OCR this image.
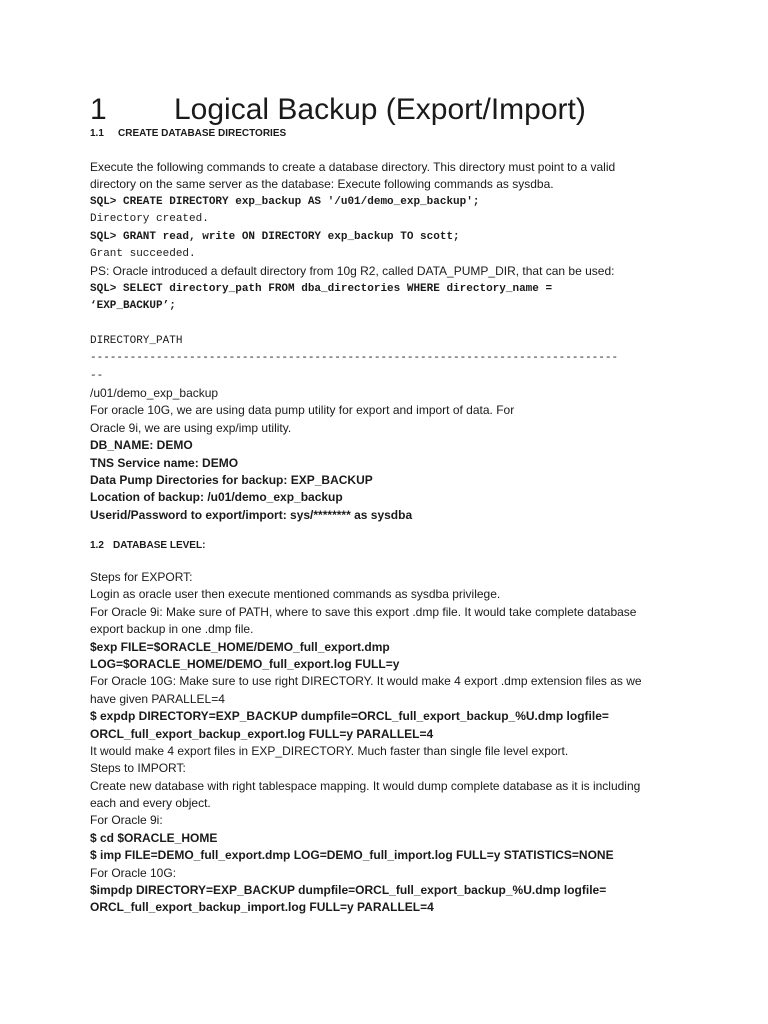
1 Logical Backup (Export/Import)
1.1 CREATE DATABASE DIRECTORIES
Execute the following commands to create a database directory. This directory must point to a valid
directory on the same server as the database: Execute following commands as sysdba.
SQL> CREATE DIRECTORY exp_backup AS '/u01/demo_exp_backup';
Directory created.
SQL> GRANT read, write ON DIRECTORY exp_backup TO scott;
Grant succeeded.
PS: Oracle introduced a default directory from 10g R2, called DATA_PUMP_DIR, that can be used:
SQL> SELECT directory_path FROM dba_directories WHERE directory_name =
‘EXP_BACKUP’;
DIRECTORY_PATH
--------------------------------------------------------------------------------
--
/u01/demo_exp_backup
For oracle 10G, we are using data pump utility for export and import of data. For
Oracle 9i, we are using exp/imp utility.
DB_NAME: DEMO
TNS Service name: DEMO
Data Pump Directories for backup: EXP_BACKUP
Location of backup: /u01/demo_exp_backup
Userid/Password to export/import: sys/******** as sysdba
1.2 DATABASE LEVEL:
Steps for EXPORT:
Login as oracle user then execute mentioned commands as sysdba privilege.
For Oracle 9i: Make sure of PATH, where to save this export .dmp file. It would take complete database
export backup in one .dmp file.
$exp FILE=$ORACLE_HOME/DEMO_full_export.dmp
LOG=$ORACLE_HOME/DEMO_full_export.log FULL=y
For Oracle 10G: Make sure to use right DIRECTORY. It would make 4 export .dmp extension files as we
have given PARALLEL=4
$ expdp DIRECTORY=EXP_BACKUP dumpfile=ORCL_full_export_backup_%U.dmp logfile=
ORCL_full_export_backup_export.log FULL=y PARALLEL=4
It would make 4 export files in EXP_DIRECTORY. Much faster than single file level export.
Steps to IMPORT:
Create new database with right tablespace mapping. It would dump complete database as it is including
each and every object.
For Oracle 9i:
$ cd $ORACLE_HOME
$ imp FILE=DEMO_full_export.dmp LOG=DEMO_full_import.log FULL=y STATISTICS=NONE
For Oracle 10G:
$impdp DIRECTORY=EXP_BACKUP dumpfile=ORCL_full_export_backup_%U.dmp logfile=
ORCL_full_export_backup_import.log FULL=y PARALLEL=4
